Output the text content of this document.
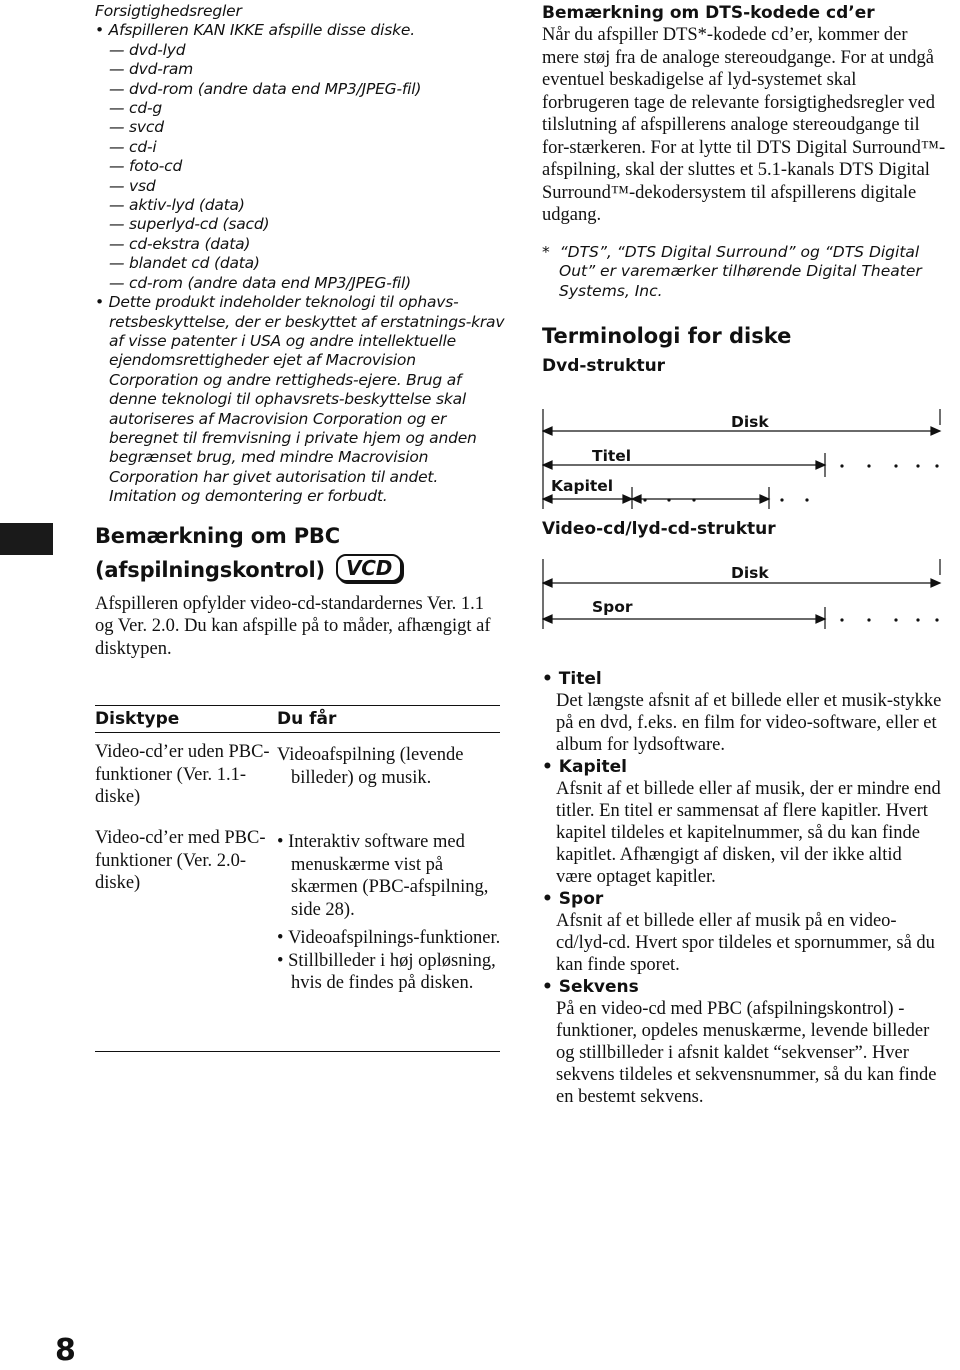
8

Forsigtighedsregler

• Afspilleren KAN IKKE afspille disse diske.

— dvd-lyd
— dvd-ram
— dvd-rom (andre data end MP3/JPEG-fil)
— cd-g
— svcd
— cd-i
— foto-cd
— vsd
— aktiv-lyd (data)
— superlyd-cd (sacd)
— cd-ekstra (data)
— blandet cd (data)
— cd-rom (andre data end MP3/JPEG-fil)

• Dette produkt indeholder teknologi til ophavs-retsbeskyttelse, der er beskyttet af erstatnings-krav af visse patenter i USA og andre intellektuelle ejendomsrettigheder ejet af Macrovision Corporation og andre rettigheds-ejere. Brug af denne teknologi til ophavsrets-beskyttelse skal autoriseres af Macrovision Corporation og er beregnet til fremvisning i private hjem og anden begrænset brug, med mindre Macrovision Corporation har givet autorisation til andet. Imitation og demontering er forbudt.

Bemærkning om PBC
(afspilningskontrol) VCD

Afspilleren opfylder video-cd-standardernes Ver. 1.1 og Ver. 2.0. Du kan afspille på to måder, afhængigt af disktypen.

Disktype	Du får
Video-cd’er uden PBC-funktioner (Ver. 1.1-diske)
Videoafspilning (levende billeder) og musik.
Video-cd’er med PBC-funktioner (Ver. 2.0-diske)

• Interaktiv software med menuskærme vist på skærmen (PBC-afspilning, side 28).

• Videoafspilnings-funktioner.

• Stillbilleder i høj opløsning, hvis de findes på disken.

Bemærkning om DTS-kodede cd’er

Når du afspiller DTS*-kodede cd’er, kommer der mere støj fra de analoge stereoudgange. For at undgå eventuel beskadigelse af lyd-systemet skal forbrugeren tage de relevante forsigtighedsregler ved tilslutning af afspillerens analoge stereoudgange til for-stærkeren. For at lytte til DTS Digital Surround™-afspilning, skal der sluttes et 5.1-kanals DTS Digital Surround™-dekodersystem til afspillerens digitale udgang.

* “DTS”, “DTS Digital Surround” og “DTS Digital Out” er varemærker tilhørende Digital Theater Systems, Inc.

Terminologi for diske
Dvd-struktur
Disk
Titel
Kapitel
Video-cd/lyd-cd-struktur
Disk
Spor

• Titel

Det længste afsnit af et billede eller et musik-stykke på en dvd, f.eks. en film for video-software, eller et album for lydsoftware.

• Kapitel

Afsnit af et billede eller af musik, der er mindre end titler. En titel er sammensat af flere kapitler. Hvert kapitel tildeles et kapitelnummer, så du kan finde kapitlet. Afhængigt af disken, vil der ikke altid være optaget kapitler.

• Spor

Afsnit af et billede eller af musik på en video-cd/lyd-cd. Hvert spor tildeles et spornummer, så du kan finde sporet.

• Sekvens

På en video-cd med PBC (afspilningskontrol) -funktioner, opdeles menuskærme, levende billeder og stillbilleder i afsnit kaldet “sekvenser”. Hver sekvens tildeles et sekvensnummer, så du kan finde en bestemt sekvens.
